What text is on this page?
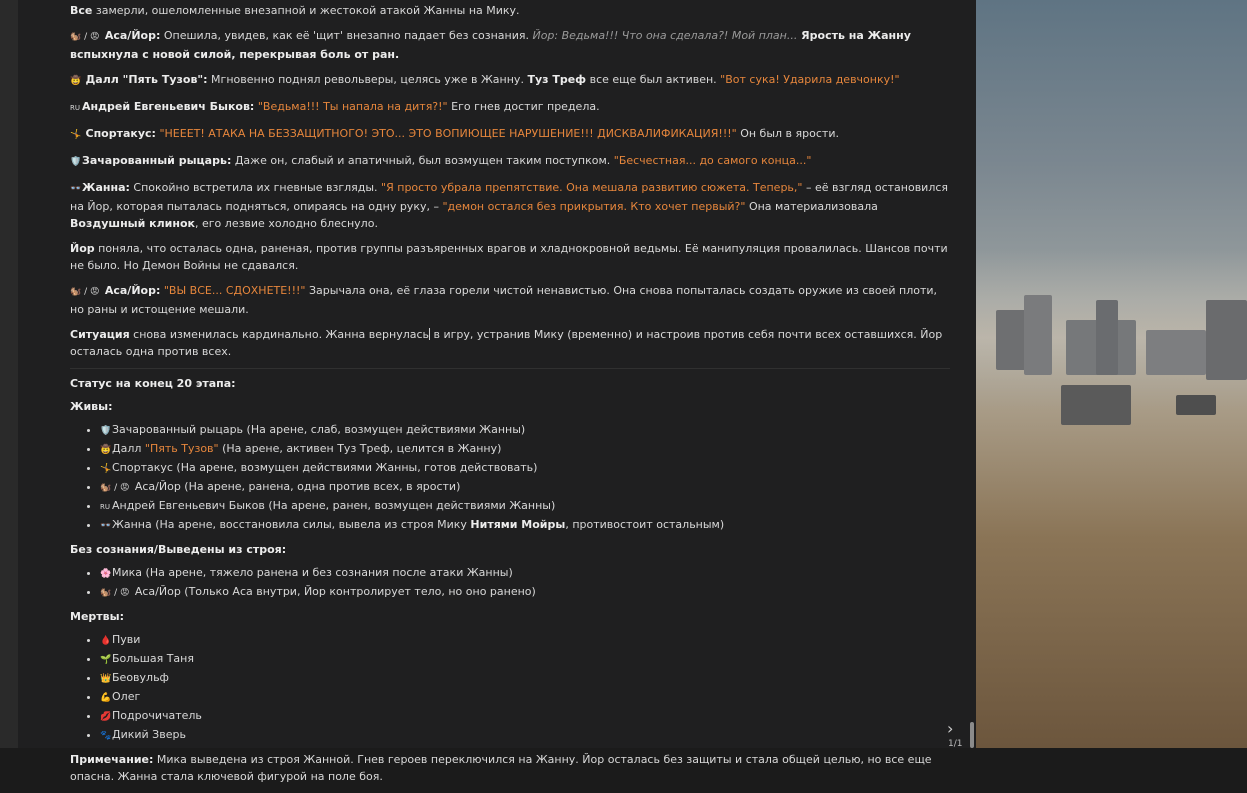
Все замерли, ошеломленные внезапной и жестокой атакой Жанны на Мику.

🐿️ / 😡 Аса/Йор: Опешила, увидев, как её 'щит' внезапно падает без сознания. Йор: Ведьма!!! Что она сделала?! Мой план... Ярость на Жанну вспыхнула с новой силой, перекрывая боль от ран.

🤠 Далл "Пять Тузов": Мгновенно поднял револьверы, целясь уже в Жанну. Туз Треф все еще был активен. "Вот сука! Ударила девчонку!"

RU Андрей Евгеньевич Быков: "Ведьма!!! Ты напала на дитя?!" Его гнев достиг предела.

🤸 Спортакус: "НЕЕЕТ! АТАКА НА БЕЗЗАЩИТНОГО! ЭТО... ЭТО ВОПИЮЩЕЕ НАРУШЕНИЕ!!! ДИСКВАЛИФИКАЦИЯ!!!" Он был в ярости.

🛡️Зачарованный рыцарь: Даже он, слабый и апатичный, был возмущен таким поступком. "Бесчестная... до самого конца..."

👓Жанна: Спокойно встретила их гневные взгляды. "Я просто убрала препятствие. Она мешала развитию сюжета. Теперь," – её взгляд остановился на Йор, которая пыталась подняться, опираясь на одну руку, – "демон остался без прикрытия. Кто хочет первый?" Она материализовала Воздушный клинок, его лезвие холодно блеснуло.

Йор поняла, что осталась одна, раненая, против группы разъяренных врагов и хладнокровной ведьмы. Её манипуляция провалилась. Шансов почти не было. Но Демон Войны не сдавался.

🐿️ / 😡 Аса/Йор: "ВЫ ВСЕ... СДОХНЕТЕ!!!" Зарычала она, её глаза горели чистой ненавистью. Она снова попыталась создать оружие из своей плоти, но раны и истощение мешали.

Ситуация снова изменилась кардинально. Жанна вернулась в игру, устранив Мику (временно) и настроив против себя почти всех оставшихся. Йор осталась одна против всех.

Статус на конец 20 этапа:
Живы:
• 🛡️Зачарованный рыцарь (На арене, слаб, возмущен действиями Жанны)
• 🤠Далл "Пять Тузов" (На арене, активен Туз Треф, целится в Жанну)
• 🤸Спортакус (На арене, возмущен действиями Жанны, готов действовать)
• 🐿️ / 😡 Аса/Йор (На арене, ранена, одна против всех, в ярости)
• RU Андрей Евгеньевич Быков (На арене, ранен, возмущен действиями Жанны)
• 👓Жанна (На арене, восстановила силы, вывела из строя Мику Нитями Мойры, противостоит остальным)
Без сознания/Выведены из строя:
• 🌸Мика (На арене, тяжело ранена и без сознания после атаки Жанны)
• 🐿️ / 😡 Аса/Йор (Только Аса внутри, Йор контролирует тело, но оно ранено)
Мертвы:
• 🩸Пуви
• 🌱Большая Таня
• 👑Беовульф
• 💪Олег
• 💋Подрочичатель
• 🐾Дикий Зверь

Примечание: Мика выведена из строя Жанной. Гнев героев переключился на Жанну. Йор осталась без защиты и стала общей целью, но все еще опасна. Жанна стала ключевой фигурой на поле боя.

›
1/1
